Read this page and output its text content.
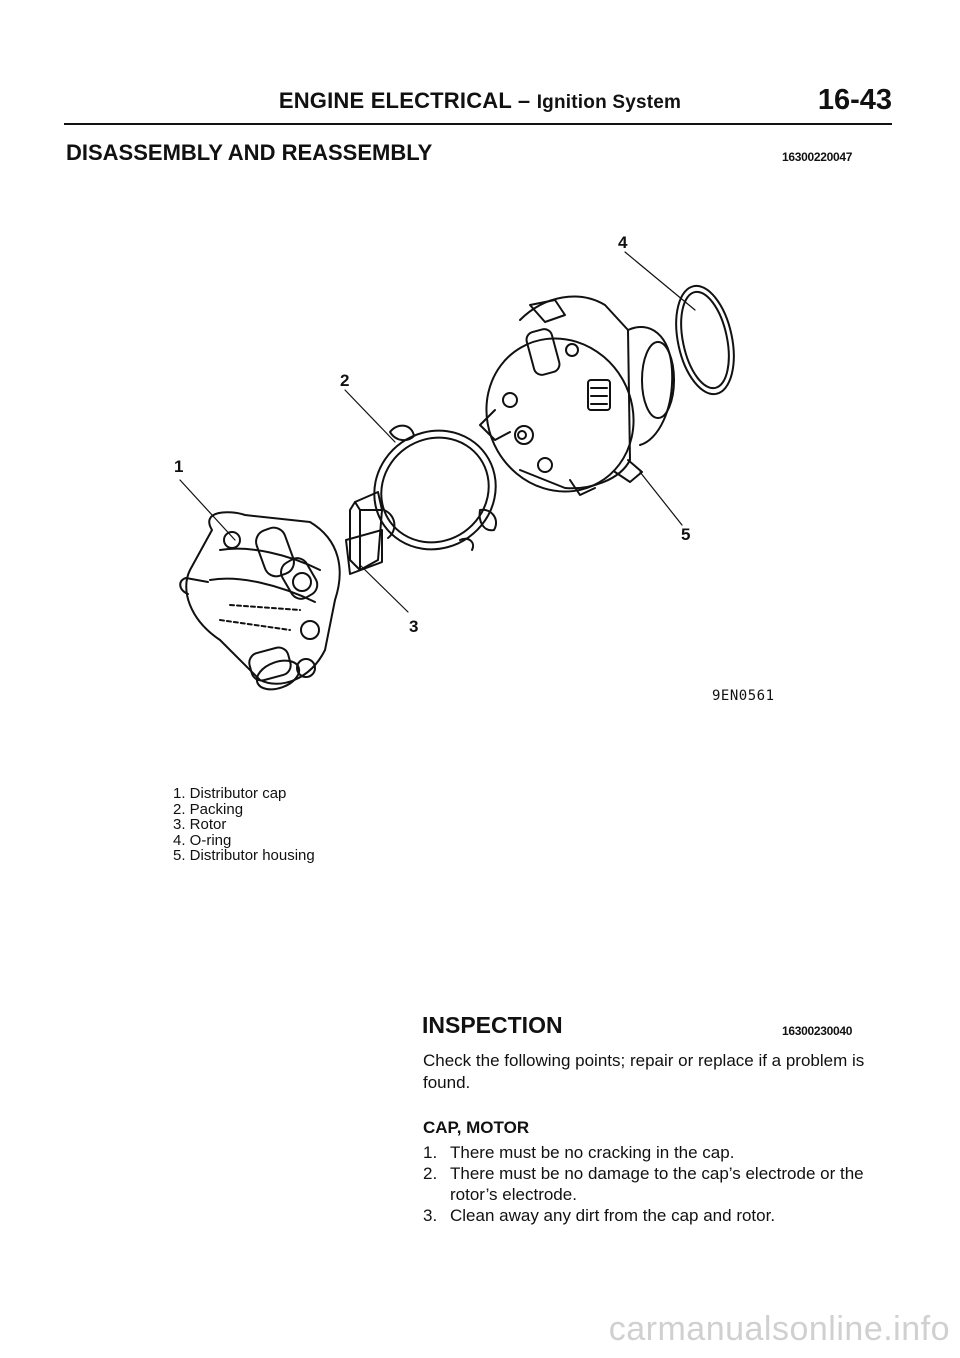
ENGINE ELECTRICAL – Ignition System	16-43
DISASSEMBLY AND REASSEMBLY	16300220047
1
2
3
4
5
9EN0561
1. Distributor cap
2. Packing
3. Rotor
4. O-ring
5. Distributor housing
INSPECTION	16300230040
Check the following points; repair or replace if a problem is found.
CAP, MOTOR
1. There must be no cracking in the cap.
2. There must be no damage to the cap’s electrode or the rotor’s electrode.
3. Clean away any dirt from the cap and rotor.
carmanualsonline.info
